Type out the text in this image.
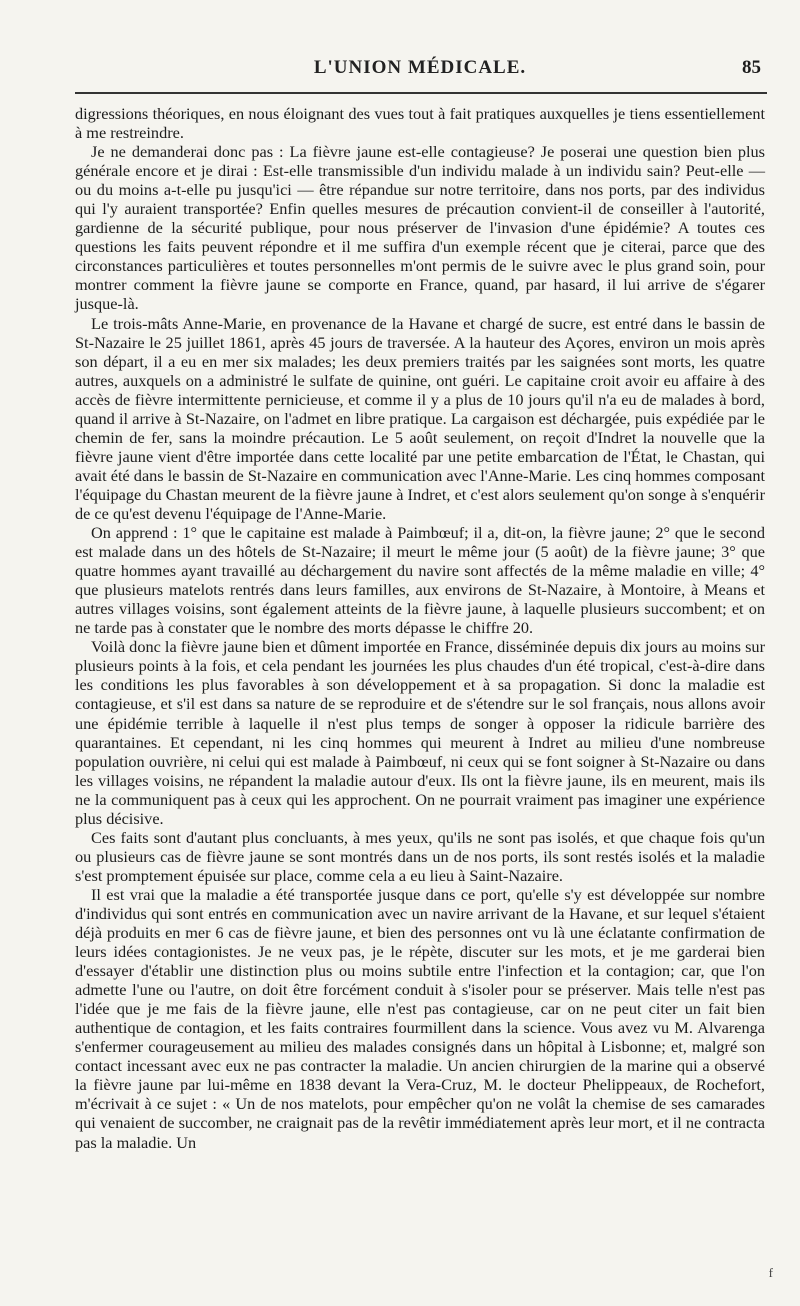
L'UNION MÉDICALE.	85

digressions théoriques, en nous éloignant des vues tout à fait pratiques auxquelles je tiens essentiellement à me restreindre.

Je ne demanderai donc pas : La fièvre jaune est-elle contagieuse? Je poserai une question bien plus générale encore et je dirai : Est-elle transmissible d'un individu malade à un individu sain? Peut-elle — ou du moins a-t-elle pu jusqu'ici — être répandue sur notre territoire, dans nos ports, par des individus qui l'y auraient transportée? Enfin quelles mesures de précaution convient-il de conseiller à l'autorité, gardienne de la sécurité publique, pour nous préserver de l'invasion d'une épidémie? A toutes ces questions les faits peuvent répondre et il me suffira d'un exemple récent que je citerai, parce que des circonstances particulières et toutes personnelles m'ont permis de le suivre avec le plus grand soin, pour montrer comment la fièvre jaune se comporte en France, quand, par hasard, il lui arrive de s'égarer jusque-là.

Le trois-mâts Anne-Marie, en provenance de la Havane et chargé de sucre, est entré dans le bassin de St-Nazaire le 25 juillet 1861, après 45 jours de traversée. A la hauteur des Açores, environ un mois après son départ, il a eu en mer six malades; les deux premiers traités par les saignées sont morts, les quatre autres, auxquels on a administré le sulfate de quinine, ont guéri. Le capitaine croit avoir eu affaire à des accès de fièvre intermittente pernicieuse, et comme il y a plus de 10 jours qu'il n'a eu de malades à bord, quand il arrive à St-Nazaire, on l'admet en libre pratique. La cargaison est déchargée, puis expédiée par le chemin de fer, sans la moindre précaution. Le 5 août seulement, on reçoit d'Indret la nouvelle que la fièvre jaune vient d'être importée dans cette localité par une petite embarcation de l'État, le Chastan, qui avait été dans le bassin de St-Nazaire en communication avec l'Anne-Marie. Les cinq hommes composant l'équipage du Chastan meurent de la fièvre jaune à Indret, et c'est alors seulement qu'on songe à s'enquérir de ce qu'est devenu l'équipage de l'Anne-Marie.

On apprend : 1° que le capitaine est malade à Paimbœuf; il a, dit-on, la fièvre jaune; 2° que le second est malade dans un des hôtels de St-Nazaire; il meurt le même jour (5 août) de la fièvre jaune; 3° que quatre hommes ayant travaillé au déchargement du navire sont affectés de la même maladie en ville; 4° que plusieurs matelots rentrés dans leurs familles, aux environs de St-Nazaire, à Montoire, à Means et autres villages voisins, sont également atteints de la fièvre jaune, à laquelle plusieurs succombent; et on ne tarde pas à constater que le nombre des morts dépasse le chiffre 20.

Voilà donc la fièvre jaune bien et dûment importée en France, disséminée depuis dix jours au moins sur plusieurs points à la fois, et cela pendant les journées les plus chaudes d'un été tropical, c'est-à-dire dans les conditions les plus favorables à son développement et à sa propagation. Si donc la maladie est contagieuse, et s'il est dans sa nature de se reproduire et de s'étendre sur le sol français, nous allons avoir une épidémie terrible à laquelle il n'est plus temps de songer à opposer la ridicule barrière des quarantaines. Et cependant, ni les cinq hommes qui meurent à Indret au milieu d'une nombreuse population ouvrière, ni celui qui est malade à Paimbœuf, ni ceux qui se font soigner à St-Nazaire ou dans les villages voisins, ne répandent la maladie autour d'eux. Ils ont la fièvre jaune, ils en meurent, mais ils ne la communiquent pas à ceux qui les approchent. On ne pourrait vraiment pas imaginer une expérience plus décisive.

Ces faits sont d'autant plus concluants, à mes yeux, qu'ils ne sont pas isolés, et que chaque fois qu'un ou plusieurs cas de fièvre jaune se sont montrés dans un de nos ports, ils sont restés isolés et la maladie s'est promptement épuisée sur place, comme cela a eu lieu à Saint-Nazaire.

Il est vrai que la maladie a été transportée jusque dans ce port, qu'elle s'y est développée sur nombre d'individus qui sont entrés en communication avec un navire arrivant de la Havane, et sur lequel s'étaient déjà produits en mer 6 cas de fièvre jaune, et bien des personnes ont vu là une éclatante confirmation de leurs idées contagionistes. Je ne veux pas, je le répète, discuter sur les mots, et je me garderai bien d'essayer d'établir une distinction plus ou moins subtile entre l'infection et la contagion; car, que l'on admette l'une ou l'autre, on doit être forcément conduit à s'isoler pour se préserver. Mais telle n'est pas l'idée que je me fais de la fièvre jaune, elle n'est pas contagieuse, car on ne peut citer un fait bien authentique de contagion, et les faits contraires fourmillent dans la science. Vous avez vu M. Alvarenga s'enfermer courageusement au milieu des malades consignés dans un hôpital à Lisbonne; et, malgré son contact incessant avec eux ne pas contracter la maladie. Un ancien chirurgien de la marine qui a observé la fièvre jaune par lui-même en 1838 devant la Vera-Cruz, M. le docteur Phelippeaux, de Rochefort, m'écrivait à ce sujet : « Un de nos matelots, pour empêcher qu'on ne volât la chemise de ses camarades qui venaient de succomber, ne craignait pas de la revêtir immédiatement après leur mort, et il ne contracta pas la maladie. Un

f
